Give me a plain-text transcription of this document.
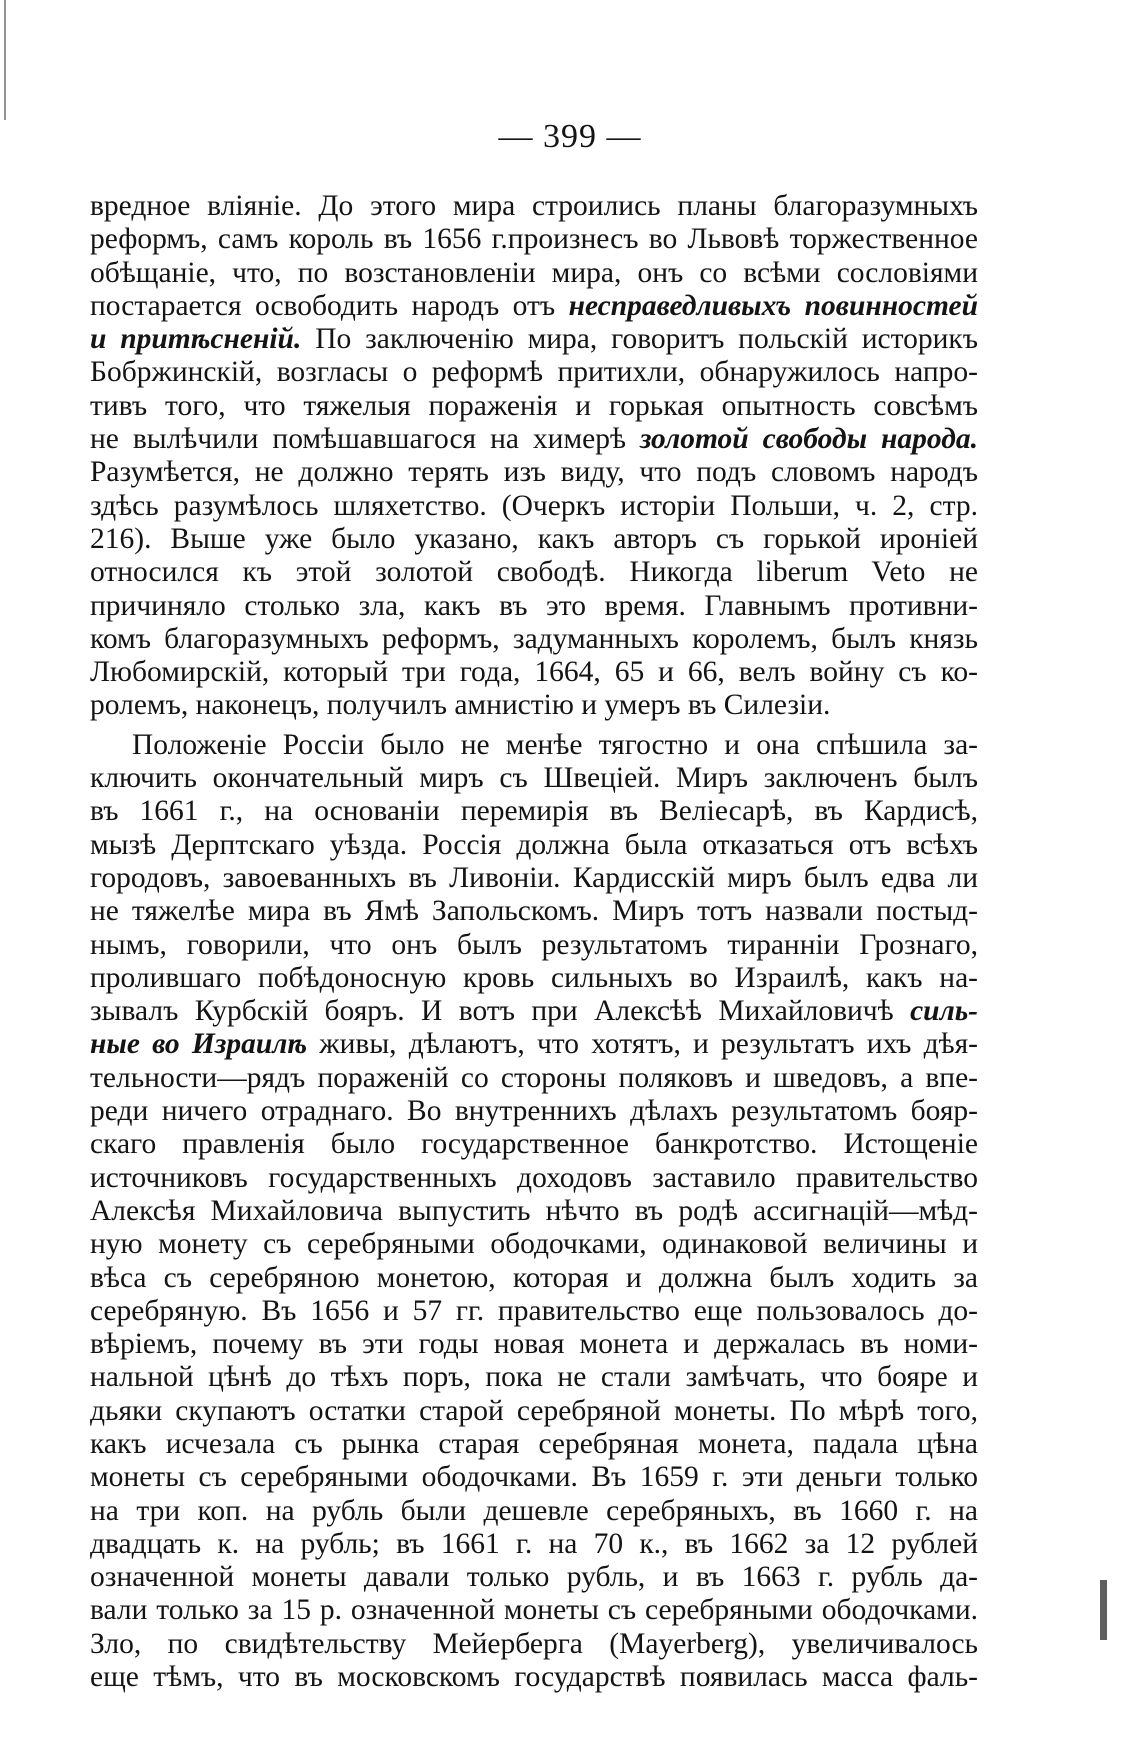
— 399 —
вредное вліяніе. До этого мира строились планы благоразумныхъ
реформъ, самъ король въ 1656 г.произнесъ во Львовѣ торжественное
обѣщаніе, что, по возстановленіи мира, онъ со всѣми сословіями
постарается освободить народъ отъ несправедливыхъ повинностей
и притѣсненій. По заключенію мира, говоритъ польскій историкъ
Бобржинскій, возгласы о реформѣ притихли, обнаружилось напро-
тивъ того, что тяжелыя пораженія и горькая опытность совсѣмъ
не вылѣчили помѣшавшагося на химерѣ золотой свободы народа.
Разумѣется, не должно терять изъ виду, что подъ словомъ народъ
здѣсь разумѣлось шляхетство. (Очеркъ исторіи Польши, ч. 2, стр.
216). Выше уже было указано, какъ авторъ съ горькой ироніей
относился къ этой золотой свободѣ. Никогда liberum Veto не
причиняло столько зла, какъ въ это время. Главнымъ противни-
комъ благоразумныхъ реформъ, задуманныхъ королемъ, былъ князь
Любомирскій, который три года, 1664, 65 и 66, велъ войну съ ко-
ролемъ, наконецъ, получилъ амнистію и умеръ въ Силезіи.
Положеніе Россіи было не менѣе тягостно и она спѣшила за-
ключить окончательный миръ съ Швеціей. Миръ заключенъ былъ
въ 1661 г., на основаніи перемирія въ Веліесарѣ, въ Кардисѣ,
мызѣ Дерптскаго уѣзда. Россія должна была отказаться отъ всѣхъ
городовъ, завоеванныхъ въ Ливоніи. Кардисскій миръ былъ едва ли
не тяжелѣе мира въ Ямѣ Запольскомъ. Миръ тотъ назвали постыд-
нымъ, говорили, что онъ былъ результатомъ тиранніи Грознаго,
пролившаго побѣдоносную кровь сильныхъ во Израилѣ, какъ на-
зывалъ Курбскій бояръ. И вотъ при Алексѣѣ Михайловичѣ силь-
ные во Израилѣ живы, дѣлаютъ, что хотятъ, и результатъ ихъ дѣя-
тельности—рядъ пораженій со стороны поляковъ и шведовъ, а впе-
реди ничего отраднаго. Во внутреннихъ дѣлахъ результатомъ бояр-
скаго правленія было государственное банкротство. Истощеніе
источниковъ государственныхъ доходовъ заставило правительство
Алексѣя Михайловича выпустить нѣчто въ родѣ ассигнацій—мѣд-
ную монету съ серебряными ободочками, одинаковой величины и
вѣса съ серебряною монетою, которая и должна былъ ходить за
серебряную. Въ 1656 и 57 гг. правительство еще пользовалось до-
вѣріемъ, почему въ эти годы новая монета и держалась въ номи-
нальной цѣнѣ до тѣхъ поръ, пока не стали замѣчать, что бояре и
дьяки скупаютъ остатки старой серебряной монеты. По мѣрѣ того,
какъ исчезала съ рынка старая серебряная монета, падала цѣна
монеты съ серебряными ободочками. Въ 1659 г. эти деньги только
на три коп. на рубль были дешевле серебряныхъ, въ 1660 г. на
двадцать к. на рубль; въ 1661 г. на 70 к., въ 1662 за 12 рублей
означенной монеты давали только рубль, и въ 1663 г. рубль да-
вали только за 15 р. означенной монеты съ серебряными ободочками.
Зло, по свидѣтельству Мейерберга (Mayerberg), увеличивалось
еще тѣмъ, что въ московскомъ государствѣ появилась масса фаль-
